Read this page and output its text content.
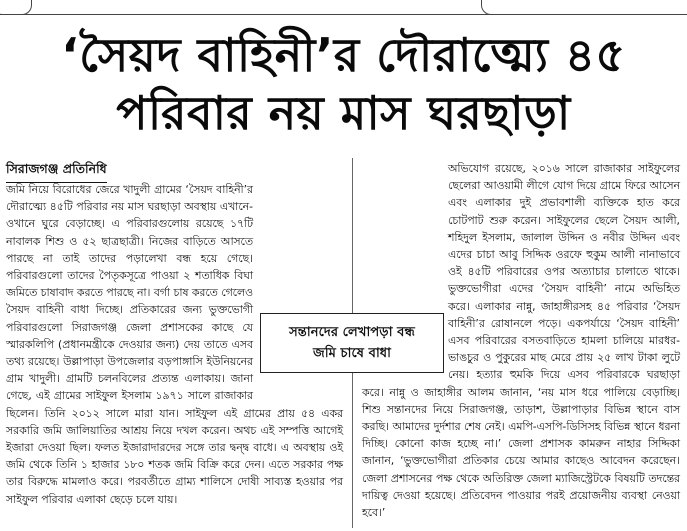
‘সৈয়দ বাহিনী’র দৌরাত্ম্যে ৪৫
পরিবার নয় মাস ঘরছাড়া
সিরাজগঞ্জ প্রতিনিধি

জমি নিয়ে বিরোধের জেরে খাদুলী গ্রামের ‘সৈয়দ বাহিনী’র দৌরাত্ম্যে ৪৫টি পরিবার নয় মাস ঘরছাড়া অবস্থায় এখানে-ওখানে ঘুরে বেড়াচ্ছে। এ পরিবারগুলোয় রয়েছে ১৭টি নাবালক শিশু ও ৫২ ছাত্রছাত্রী। নিজের বাড়িতে আসতে পারছে না তাই তাদের পড়ালেখা বন্ধ হয়ে গেছে। পরিবারগুলো তাদের পৈতৃকসূত্রে পাওয়া ২ শতাধিক বিঘা জমিতে চাষাবাদ করতে পারছে না। বর্গা চাষ করতে গেলেও সৈয়দ বাহিনী বাধা দিচ্ছে। প্রতিকারের জন্য ভুক্তভোগী পরিবারগুলো সিরাজগঞ্জ জেলা প্রশাসকের কাছে যে স্মারকলিপি (প্রধানমন্ত্রীকে দেওয়ার জন্য) দেয় তাতে এসব তথ্য রয়েছে। উল্লাপাড়া উপজেলার বড়পাঙ্গাসি ইউনিয়নের গ্রাম খাদুলী। গ্রামটি চলনবিলের প্রত্যন্ত এলাকায়। জানা গেছে, এই গ্রামের সাইফুল ইসলাম ১৯৭১ সালে রাজাকার ছিলেন। তিনি ২০১২ সালে মারা যান। সাইফুল এই গ্রামের প্রায় ৫৪ একর সরকারি জমি জালিয়াতির আশ্রয় নিয়ে দখল করেন। অথচ এই সম্পত্তি আগেই ইজারা দেওয়া ছিল। ফলত ইজারাদারদের সঙ্গে তার দ্বন্দ্ব বাধে। এ অবস্থায় ওই জমি থেকে তিনি ১ হাজার ১৮০ শতক জমি বিক্রি করে দেন। এতে সরকার পক্ষ তার বিরুদ্ধে মামলাও করে। পরবর্তীতে গ্রাম্য শালিসে দোষী সাব্যস্ত হওয়ার পর সাইফুল পরিবার এলাকা ছেড়ে চলে যায়।

অভিযোগ রয়েছে, ২০১৬ সালে রাজাকার সাইফুলের ছেলেরা আওয়ামী লীগে যোগ দিয়ে গ্রামে ফিরে আসেন এবং এলাকার দুই প্রভাবশালী ব্যক্তিকে হাত করে চোটপাট শুরু করেন। সাইফুলের ছেলে সৈয়দ আলী, শহিদুল ইসলাম, জালাল উদ্দিন ও নবীর উদ্দিন এবং এদের চাচা আবু সিদ্দিক ওরফে হুকুম আলী নানাভাবে ওই ৪৫টি পরিবারের ওপর অত্যাচার চালাতে থাকে। ভুক্তভোগীরা এদের ‘সৈয়দ বাহিনী’ নামে অভিহিত করে। এলাকার নান্নু, জাহাঙ্গীরসহ ৪৫ পরিবার ‘সৈয়দ বাহিনী’র রোষানলে পড়ে। একপর্যায়ে ‘সৈয়দ বাহিনী’ এসব পরিবারের বসতবাড়িতে হামলা চালিয়ে মারধর-ভাঙচুর ও পুকুরের মাছ মেরে প্রায় ২৫ লাখ টাকা লুটে নেয়। হত্যার হুমকি দিয়ে এসব পরিবারকে ঘরছাড়া করে। নান্নু ও জাহাঙ্গীর আলম জানান, ‘নয় মাস ধরে পালিয়ে বেড়াচ্ছি। শিশু সন্তানদের নিয়ে সিরাজগঞ্জ, তাড়াশ, উল্লাপাড়ার বিভিন্ন স্থানে বাস করছি। আমাদের দুর্দশার শেষ নেই। এমপি-এসপি-ডিসিসহ বিভিন্ন স্থানে ধরনা দিচ্ছি। কোনো কাজ হচ্ছে না।’ জেলা প্রশাসক কামরুন নাহার সিদ্দিকা জানান, ‘ভুক্তভোগীরা প্রতিকার চেয়ে আমার কাছেও আবেদন করেছেন। জেলা প্রশাসনের পক্ষ থেকে অতিরিক্ত জেলা ম্যাজিস্ট্রেটকে বিষয়টি তদন্তের দায়িত্ব দেওয়া হয়েছে। প্রতিবেদন পাওয়ার পরই প্রয়োজনীয় ব্যবস্থা নেওয়া হবে।’

সন্তানদের লেখাপড়া বন্ধ
জমি চাষে বাধা
